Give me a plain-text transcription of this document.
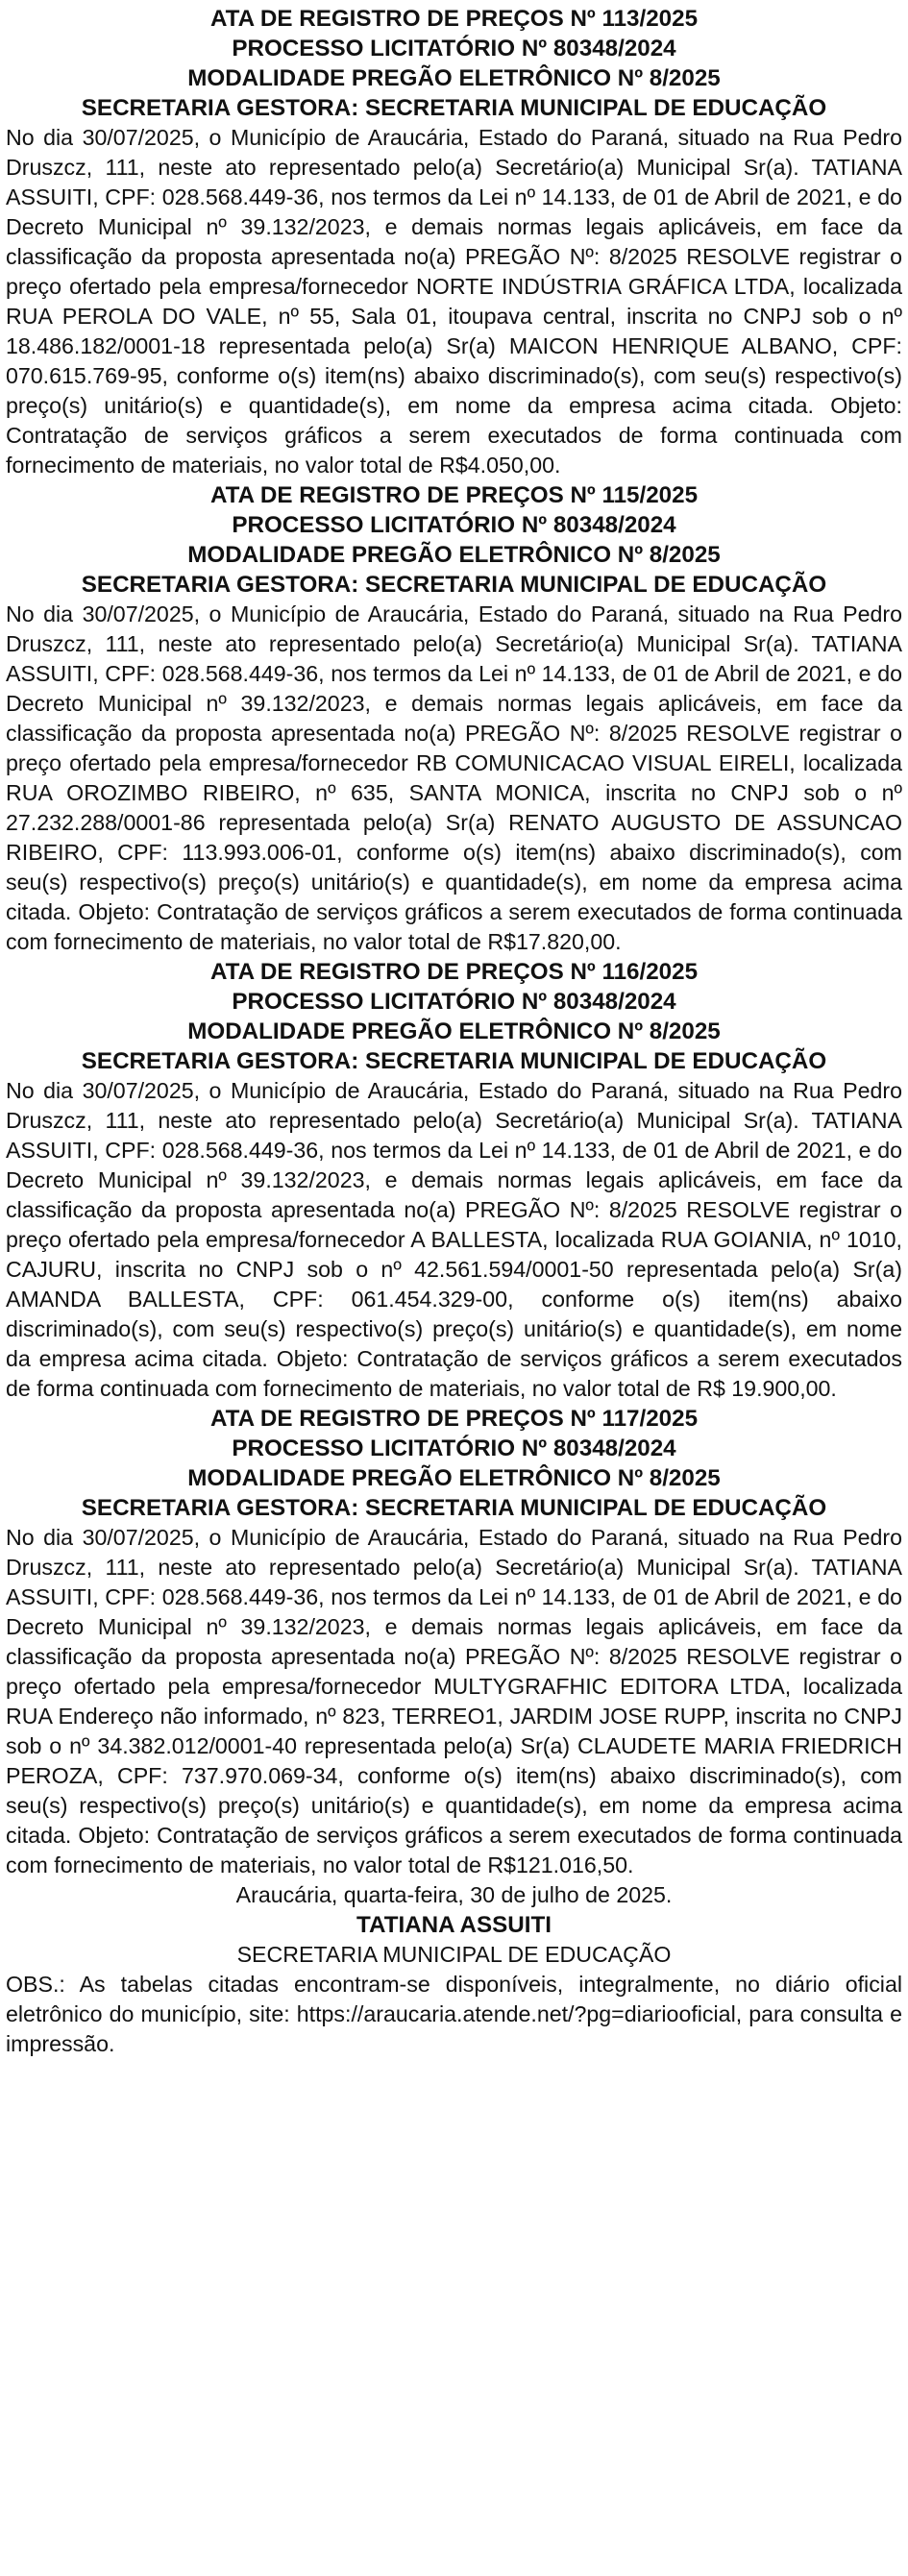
ATA DE REGISTRO DE PREÇOS Nº 113/2025
PROCESSO LICITATÓRIO Nº 80348/2024
MODALIDADE PREGÃO ELETRÔNICO Nº 8/2025
SECRETARIA GESTORA: SECRETARIA MUNICIPAL DE EDUCAÇÃO

No dia 30/07/2025, o Município de Araucária, Estado do Paraná, situado na Rua Pedro Druszcz, 111, neste ato representado pelo(a) Secretário(a) Municipal Sr(a). TATIANA ASSUITI, CPF: 028.568.449-36, nos termos da Lei nº 14.133, de 01 de Abril de 2021, e do Decreto Municipal nº 39.132/2023, e demais normas legais aplicáveis, em face da classificação da proposta apresentada no(a) PREGÃO Nº: 8/2025 RESOLVE registrar o preço ofertado pela empresa/fornecedor NORTE INDÚSTRIA GRÁFICA LTDA, localizada RUA PEROLA DO VALE, nº 55, Sala 01, itoupava central, inscrita no CNPJ sob o nº 18.486.182/0001-18 representada pelo(a) Sr(a) MAICON HENRIQUE ALBANO, CPF: 070.615.769-95, conforme o(s) item(ns) abaixo discriminado(s), com seu(s) respectivo(s) preço(s) unitário(s) e quantidade(s), em nome da empresa acima citada. Objeto: Contratação de serviços gráficos a serem executados de forma continuada com fornecimento de materiais, no valor total de R$4.050,00.

ATA DE REGISTRO DE PREÇOS Nº 115/2025
PROCESSO LICITATÓRIO Nº 80348/2024
MODALIDADE PREGÃO ELETRÔNICO Nº 8/2025
SECRETARIA GESTORA: SECRETARIA MUNICIPAL DE EDUCAÇÃO

No dia 30/07/2025, o Município de Araucária, Estado do Paraná, situado na Rua Pedro Druszcz, 111, neste ato representado pelo(a) Secretário(a) Municipal Sr(a). TATIANA ASSUITI, CPF: 028.568.449-36, nos termos da Lei nº 14.133, de 01 de Abril de 2021, e do Decreto Municipal nº 39.132/2023, e demais normas legais aplicáveis, em face da classificação da proposta apresentada no(a) PREGÃO Nº: 8/2025 RESOLVE registrar o preço ofertado pela empresa/fornecedor RB COMUNICACAO VISUAL EIRELI, localizada RUA OROZIMBO RIBEIRO, nº 635, SANTA MONICA, inscrita no CNPJ sob o nº 27.232.288/0001-86 representada pelo(a) Sr(a) RENATO AUGUSTO DE ASSUNCAO RIBEIRO, CPF: 113.993.006-01, conforme o(s) item(ns) abaixo discriminado(s), com seu(s) respectivo(s) preço(s) unitário(s) e quantidade(s), em nome da empresa acima citada. Objeto: Contratação de serviços gráficos a serem executados de forma continuada com fornecimento de materiais, no valor total de R$17.820,00.

ATA DE REGISTRO DE PREÇOS Nº 116/2025
PROCESSO LICITATÓRIO Nº 80348/2024
MODALIDADE PREGÃO ELETRÔNICO Nº 8/2025
SECRETARIA GESTORA: SECRETARIA MUNICIPAL DE EDUCAÇÃO

No dia 30/07/2025, o Município de Araucária, Estado do Paraná, situado na Rua Pedro Druszcz, 111, neste ato representado pelo(a) Secretário(a) Municipal Sr(a). TATIANA ASSUITI, CPF: 028.568.449-36, nos termos da Lei nº 14.133, de 01 de Abril de 2021, e do Decreto Municipal nº 39.132/2023, e demais normas legais aplicáveis, em face da classificação da proposta apresentada no(a) PREGÃO Nº: 8/2025 RESOLVE registrar o preço ofertado pela empresa/fornecedor A BALLESTA, localizada RUA GOIANIA, nº 1010, CAJURU, inscrita no CNPJ sob o nº 42.561.594/0001-50 representada pelo(a) Sr(a) AMANDA BALLESTA, CPF: 061.454.329-00, conforme o(s) item(ns) abaixo discriminado(s), com seu(s) respectivo(s) preço(s) unitário(s) e quantidade(s), em nome da empresa acima citada. Objeto: Contratação de serviços gráficos a serem executados de forma continuada com fornecimento de materiais, no valor total de R$ 19.900,00.

ATA DE REGISTRO DE PREÇOS Nº 117/2025
PROCESSO LICITATÓRIO Nº 80348/2024
MODALIDADE PREGÃO ELETRÔNICO Nº 8/2025
SECRETARIA GESTORA: SECRETARIA MUNICIPAL DE EDUCAÇÃO

No dia 30/07/2025, o Município de Araucária, Estado do Paraná, situado na Rua Pedro Druszcz, 111, neste ato representado pelo(a) Secretário(a) Municipal Sr(a). TATIANA ASSUITI, CPF: 028.568.449-36, nos termos da Lei nº 14.133, de 01 de Abril de 2021, e do Decreto Municipal nº 39.132/2023, e demais normas legais aplicáveis, em face da classificação da proposta apresentada no(a) PREGÃO Nº: 8/2025 RESOLVE registrar o preço ofertado pela empresa/fornecedor MULTYGRAFHIC EDITORA LTDA, localizada RUA Endereço não informado, nº 823, TERREO1, JARDIM JOSE RUPP, inscrita no CNPJ sob o nº 34.382.012/0001-40 representada pelo(a) Sr(a) CLAUDETE MARIA FRIEDRICH PEROZA, CPF: 737.970.069-34, conforme o(s) item(ns) abaixo discriminado(s), com seu(s) respectivo(s) preço(s) unitário(s) e quantidade(s), em nome da empresa acima citada. Objeto: Contratação de serviços gráficos a serem executados de forma continuada com fornecimento de materiais, no valor total de R$121.016,50.

Araucária, quarta-feira, 30 de julho de 2025.

TATIANA ASSUITI

SECRETARIA MUNICIPAL DE EDUCAÇÃO

OBS.: As tabelas citadas encontram-se disponíveis, integralmente, no diário oficial eletrônico do município, site: https://araucaria.atende.net/?pg=diariooficial, para consulta e impressão.
